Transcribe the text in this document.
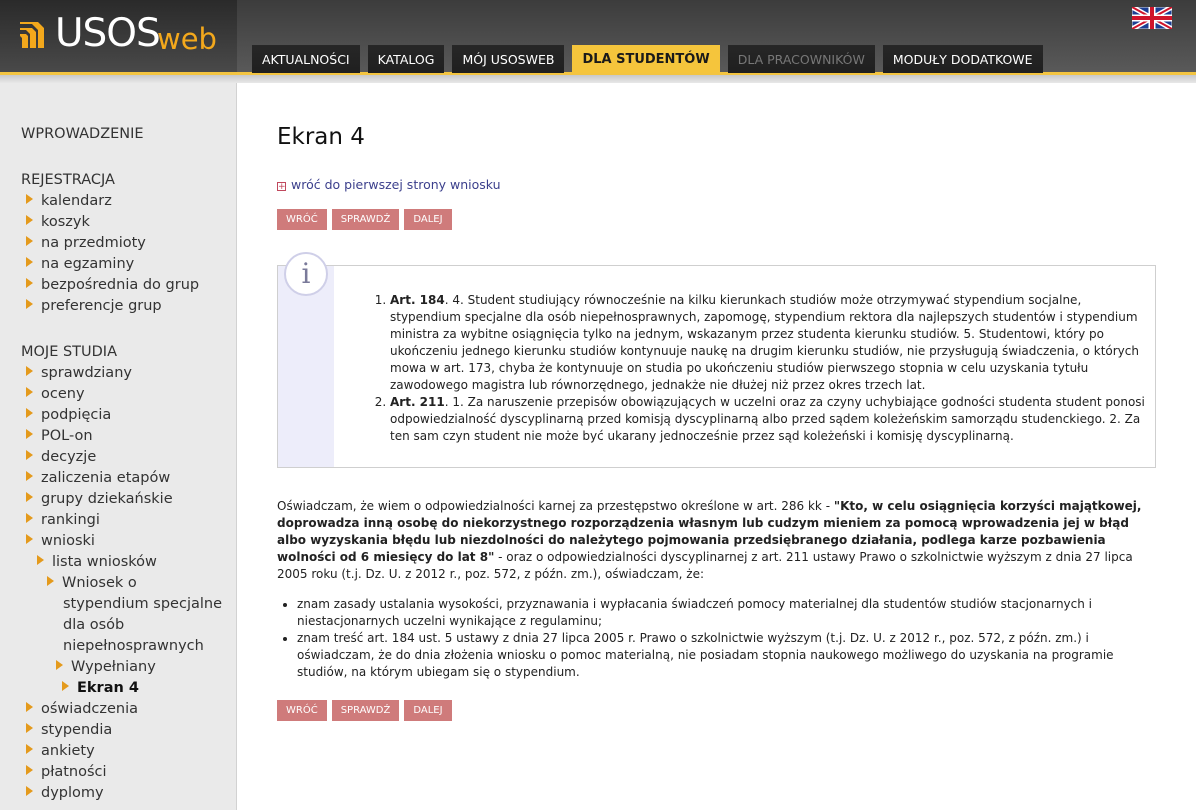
USOS
web
AKTUALNOŚCI	KATALOG	MÓJ USOSWEB	DLA STUDENTÓW	DLA PRACOWNIKÓW	MODUŁY DODATKOWE
WPROWADZENIE
REJESTRACJA
kalendarz
koszyk
na przedmioty
na egzaminy
bezpośrednia do grup
preferencje grup
MOJE STUDIA
sprawdziany
oceny
podpięcia
POL-on
decyzje
zaliczenia etapów
grupy dziekańskie
rankingi
wnioski
lista wniosków
Wniosek o
stypendium specjalne
dla osób
niepełnosprawnych
Wypełniany
Ekran 4
oświadczenia
stypendia
ankiety
płatności
dyplomy
Ekran 4
+ wróć do pierwszej strony wniosku
WRÓĆ	SPRAWDŹ	DALEJ
i
1. Art. 184. 4. Student studiujący równocześnie na kilku kierunkach studiów może otrzymywać stypendium socjalne, stypendium specjalne dla osób niepełnosprawnych, zapomogę, stypendium rektora dla najlepszych studentów i stypendium ministra za wybitne osiągnięcia tylko na jednym, wskazanym przez studenta kierunku studiów. 5. Studentowi, który po ukończeniu jednego kierunku studiów kontynuuje naukę na drugim kierunku studiów, nie przysługują świadczenia, o których mowa w art. 173, chyba że kontynuuje on studia po ukończeniu studiów pierwszego stopnia w celu uzyskania tytułu zawodowego magistra lub równorzędnego, jednakże nie dłużej niż przez okres trzech lat.
2. Art. 211. 1. Za naruszenie przepisów obowiązujących w uczelni oraz za czyny uchybiające godności studenta student ponosi odpowiedzialność dyscyplinarną przed komisją dyscyplinarną albo przed sądem koleżeńskim samorządu studenckiego. 2. Za ten sam czyn student nie może być ukarany jednocześnie przez sąd koleżeński i komisję dyscyplinarną.
Oświadczam, że wiem o odpowiedzialności karnej za przestępstwo określone w art. 286 kk - "Kto, w celu osiągnięcia korzyści majątkowej, doprowadza inną osobę do niekorzystnego rozporządzenia własnym lub cudzym mieniem za pomocą wprowadzenia jej w błąd albo wyzyskania błędu lub niezdolności do należytego pojmowania przedsiębranego działania, podlega karze pozbawienia wolności od 6 miesięcy do lat 8" - oraz o odpowiedzialności dyscyplinarnej z art. 211 ustawy Prawo o szkolnictwie wyższym z dnia 27 lipca 2005 roku (t.j. Dz. U. z 2012 r., poz. 572, z późn. zm.), oświadczam, że:
• znam zasady ustalania wysokości, przyznawania i wypłacania świadczeń pomocy materialnej dla studentów studiów stacjonarnych i niestacjonarnych uczelni wynikające z regulaminu;
• znam treść art. 184 ust. 5 ustawy z dnia 27 lipca 2005 r. Prawo o szkolnictwie wyższym (t.j. Dz. U. z 2012 r., poz. 572, z późn. zm.) i oświadczam, że do dnia złożenia wniosku o pomoc materialną, nie posiadam stopnia naukowego możliwego do uzyskania na programie studiów, na którym ubiegam się o stypendium.
WRÓĆ	SPRAWDŹ	DALEJ
